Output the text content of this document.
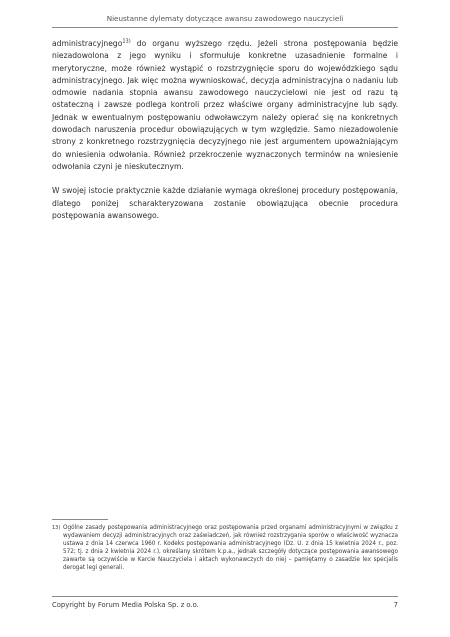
Nieustanne dylematy dotyczące awansu zawodowego nauczycieli

administracyjnego$^{13)}$ do organu wyższego rzędu. Jeżeli strona postępowania będzie niezadowolona z jego wyniku i sformułuje konkretne uzasadnienie formalne i merytoryczne, może również wystąpić o rozstrzygnięcie sporu do wojewódzkiego sądu administracyjnego. Jak więc można wywnioskować, decyzja administracyjna o nadaniu lub odmowie nadania stopnia awansu zawodowego nauczycielowi nie jest od razu tą ostateczną i zawsze podlega kontroli przez właściwe organy administracyjne lub sądy. Jednak w ewentualnym postępowaniu odwoławczym należy opierać się na konkretnych dowodach naruszenia procedur obowiązujących w tym względzie. Samo niezadowolenie strony z konkretnego rozstrzygnięcia decyzyjnego nie jest argumentem upoważniającym do wniesienia odwołania. Również przekroczenie wyznaczonych terminów na wniesienie odwołania czyni je nieskutecznym.

W swojej istocie praktycznie każde działanie wymaga określonej procedury postępowania, dlatego poniżej scharakteryzowana zostanie obowiązująca obecnie procedura postępowania awansowego.

13) Ogólne zasady postępowania administracyjnego oraz postępowania przed organami administracyjnymi w związku z wydawaniem decyzji administracyjnych oraz zaświadczeń, jak również rozstrzygania sporów o właściwość wyznacza ustawa z dnia 14 czerwca 1960 r. Kodeks postępowania administracyjnego (Dz. U. z dnia 15 kwietnia 2024 r., poz. 572; tj. z dnia 2 kwietnia 2024 r.), określany skrótem k.p.a., jednak szczegóły dotyczące postępowania awansowego zawarte są oczywiście w Karcie Nauczyciela i aktach wykonawczych do niej – pamiętamy o zasadzie lex specjalis derogat legi generali.
Copyright by Forum Media Polska Sp. z o.o.	7
